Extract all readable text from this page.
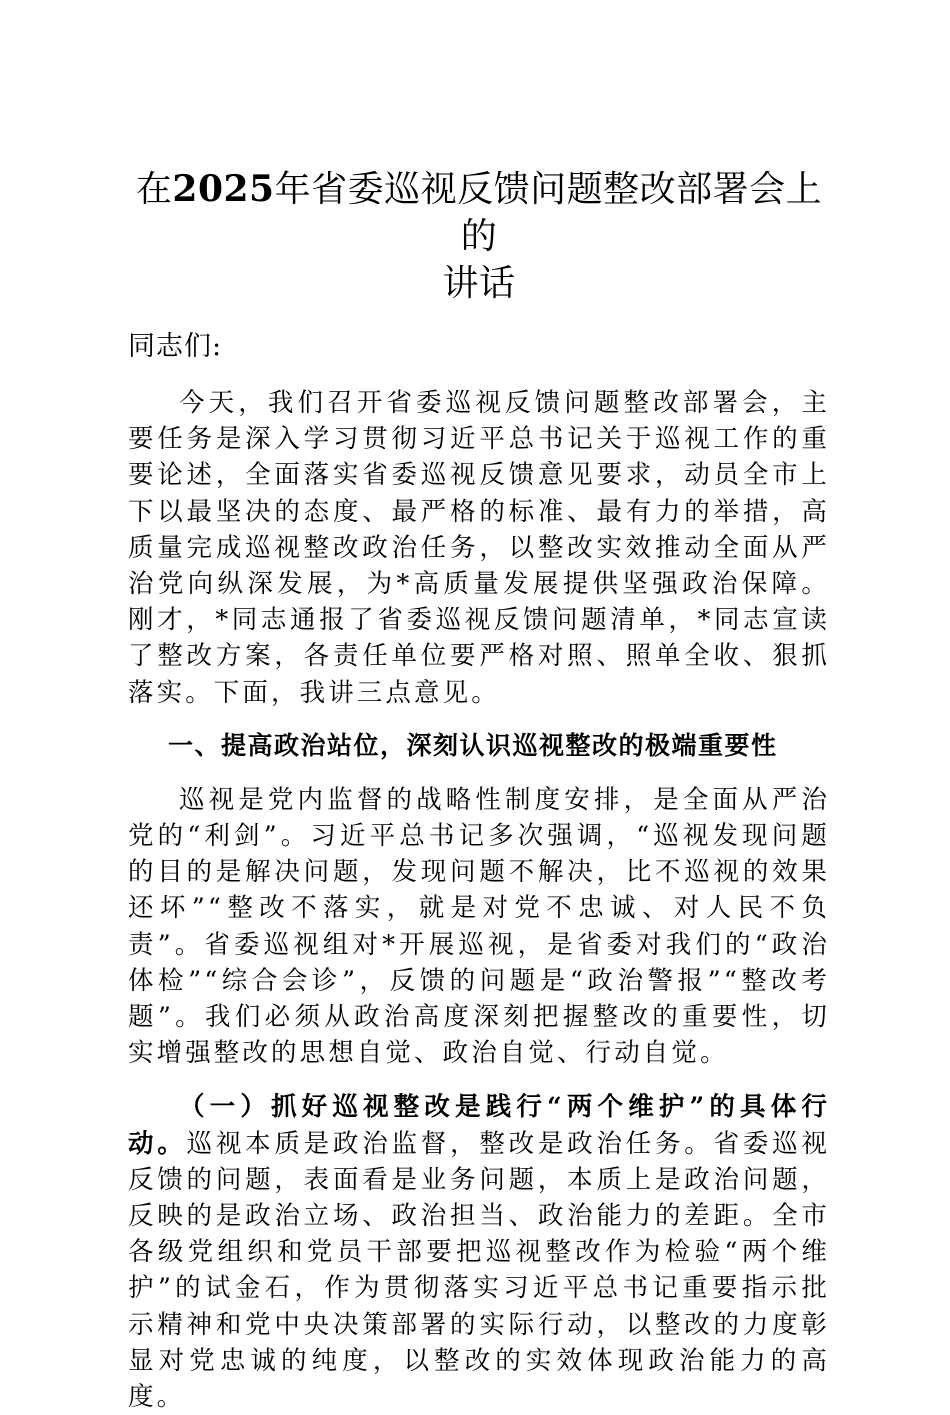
在2025年省委巡视反馈问题整改部署会上的
讲话

同志们:

今天，我们召开省委巡视反馈问题整改部署会，主要任务是深入学习贯彻习近平总书记关于巡视工作的重要论述，全面落实省委巡视反馈意见要求，动员全市上下以最坚决的态度、最严格的标准、最有力的举措，高质量完成巡视整改政治任务，以整改实效推动全面从严治党向纵深发展，为*高质量发展提供坚强政治保障。刚才，*同志通报了省委巡视反馈问题清单，*同志宣读了整改方案，各责任单位要严格对照、照单全收、狠抓落实。下面，我讲三点意见。

一、提高政治站位，深刻认识巡视整改的极端重要性

巡视是党内监督的战略性制度安排，是全面从严治党的“利剑”。习近平总书记多次强调，“巡视发现问题的目的是解决问题，发现问题不解决，比不巡视的效果还坏”“整改不落实，就是对党不忠诚、对人民不负责”。省委巡视组对*开展巡视，是省委对我们的“政治体检”“综合会诊”，反馈的问题是“政治警报”“整改考题”。我们必须从政治高度深刻把握整改的重要性，切实增强整改的思想自觉、政治自觉、行动自觉。

（一）抓好巡视整改是践行“两个维护”的具体行动。巡视本质是政治监督，整改是政治任务。省委巡视反馈的问题，表面看是业务问题，本质上是政治问题，反映的是政治立场、政治担当、政治能力的差距。全市各级党组织和党员干部要把巡视整改作为检验“两个维护”的试金石，作为贯彻落实习近平总书记重要指示批示精神和党中央决策部署的实际行动，以整改的力度彰显对党忠诚的纯度，以整改的实效体现政治能力的高度。
